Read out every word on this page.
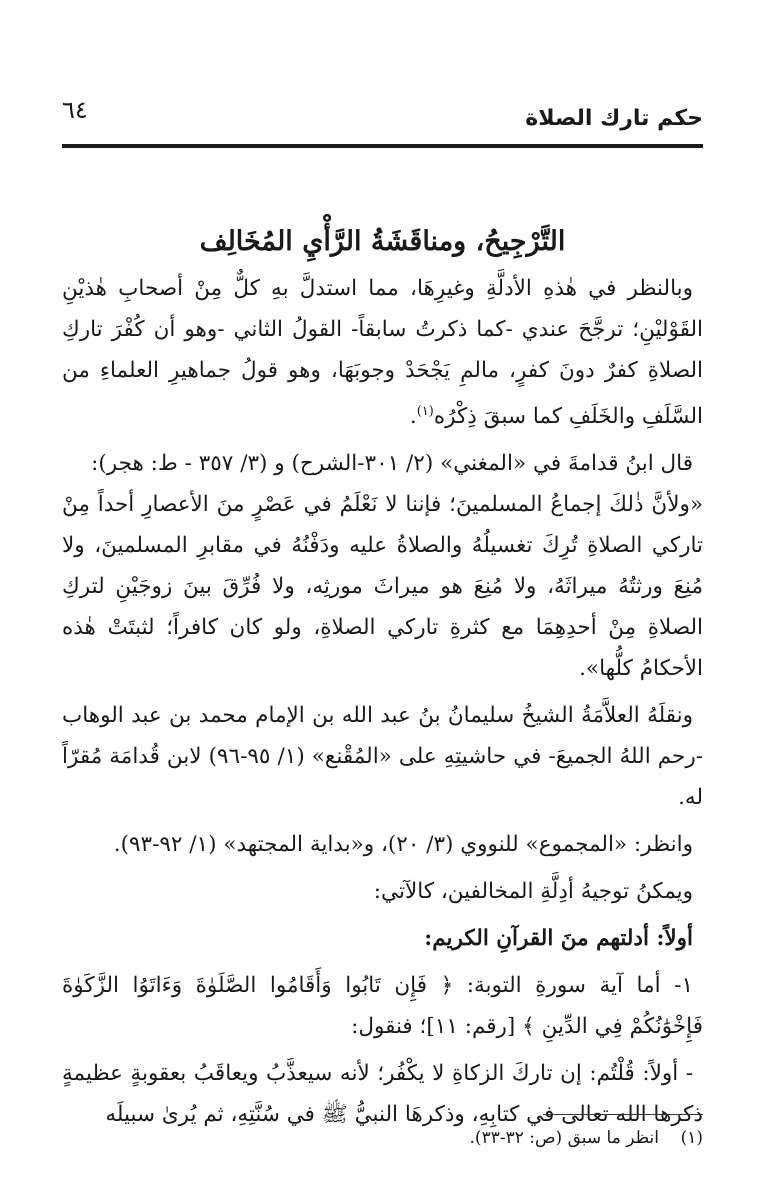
حكم تارك الصلاة
٦٤
التَّرْجِيحُ، ومناقَشَةُ الرَّأْيِ المُخَالِف

وبالنظر في هٰذهِ الأدلَّةِ وغيرِهَا، مما استدلَّ بهِ كلٌّ مِنْ أصحابِ هٰذيْنِ القَوْليْنِ؛ ترجَّحَ عندي -كما ذكرتُ سابقاً- القولُ الثاني -وهو أن كُفْرَ تاركِ الصلاةِ كفرٌ دونَ كفرٍ، مالمِ يَجْحَدْ وجوبَهَا، وهو قولُ جماهيرِ العلماءِ من السَّلَفِ والخَلَفِ كما سبقَ ذِكْرُه$^{(١)}$.

قال ابنُ قدامةَ في «المغني» (٢/ ٣٠١-الشرح) و (٣/ ٣٥٧ - ط: هجر):

«ولأنَّ ذٰلكَ إجماعُ المسلمينَ؛ فإننا لا نَعْلَمُ في عَصْرٍ منَ الأعصارِ أحداً مِنْ تاركي الصلاةِ تُرِكَ تغسيلُهُ والصلاةُ عليه ودَفْنُهُ في مقابرِ المسلمينَ، ولا مُنِعَ ورثتُهُ ميراثَهُ، ولا مُنِعَ هو ميراثَ مورثِه، ولا فُرِّقَ بينَ زوجَيْنِ لتركِ الصلاةِ مِنْ أحدِهِمَا مع كثرةِ تاركي الصلاةِ، ولو كان كافراً؛ لثبتَتْ هٰذه الأحكامُ كلُّها».

ونقلَهُ العلاَّمَةُ الشيخُ سليمانُ بنُ عبد الله بن الإمام محمد بن عبد الوهاب -رحم اللهُ الجميعَ- في حاشيتِهِ على «المُقْنع» (١/ ٩٥-٩٦) لابن قُدامَة مُقرّاً له.

وانظر: «المجموع» للنووي (٣/ ٢٠)، و«بداية المجتهد» (١/ ٩٢-٩٣).

ويمكنُ توجيهُ أدِلَّةِ المخالفين، كالآتي:

أولاً: أدلتهم منَ القرآنِ الكريم:

١- أما آية سورةِ التوبة: ﴿ فَإِن تَابُوا وَأَقَامُوا الصَّلَوٰةَ وَءَاتَوُا الزَّكَوٰةَ فَإِخْوَٰنُكُمْ فِي الدِّينِ ﴾ [رقم: ١١]؛ فنقول:

- أولاً: قُلْتُم: إن تاركَ الزكاةِ لا يكْفُر؛ لأنه سيعذَّبُ ويعاقَبُ بعقوبةٍ عظيمةٍ ذكرها الله تعالى في كتابِهِ، وذكرهَا النبيُّ ﷺ في سُنَّتِهِ، ثم يُرىٰ سبيلَه

(١)انظر ما سبق (ص: ٣٢-٣٣).
